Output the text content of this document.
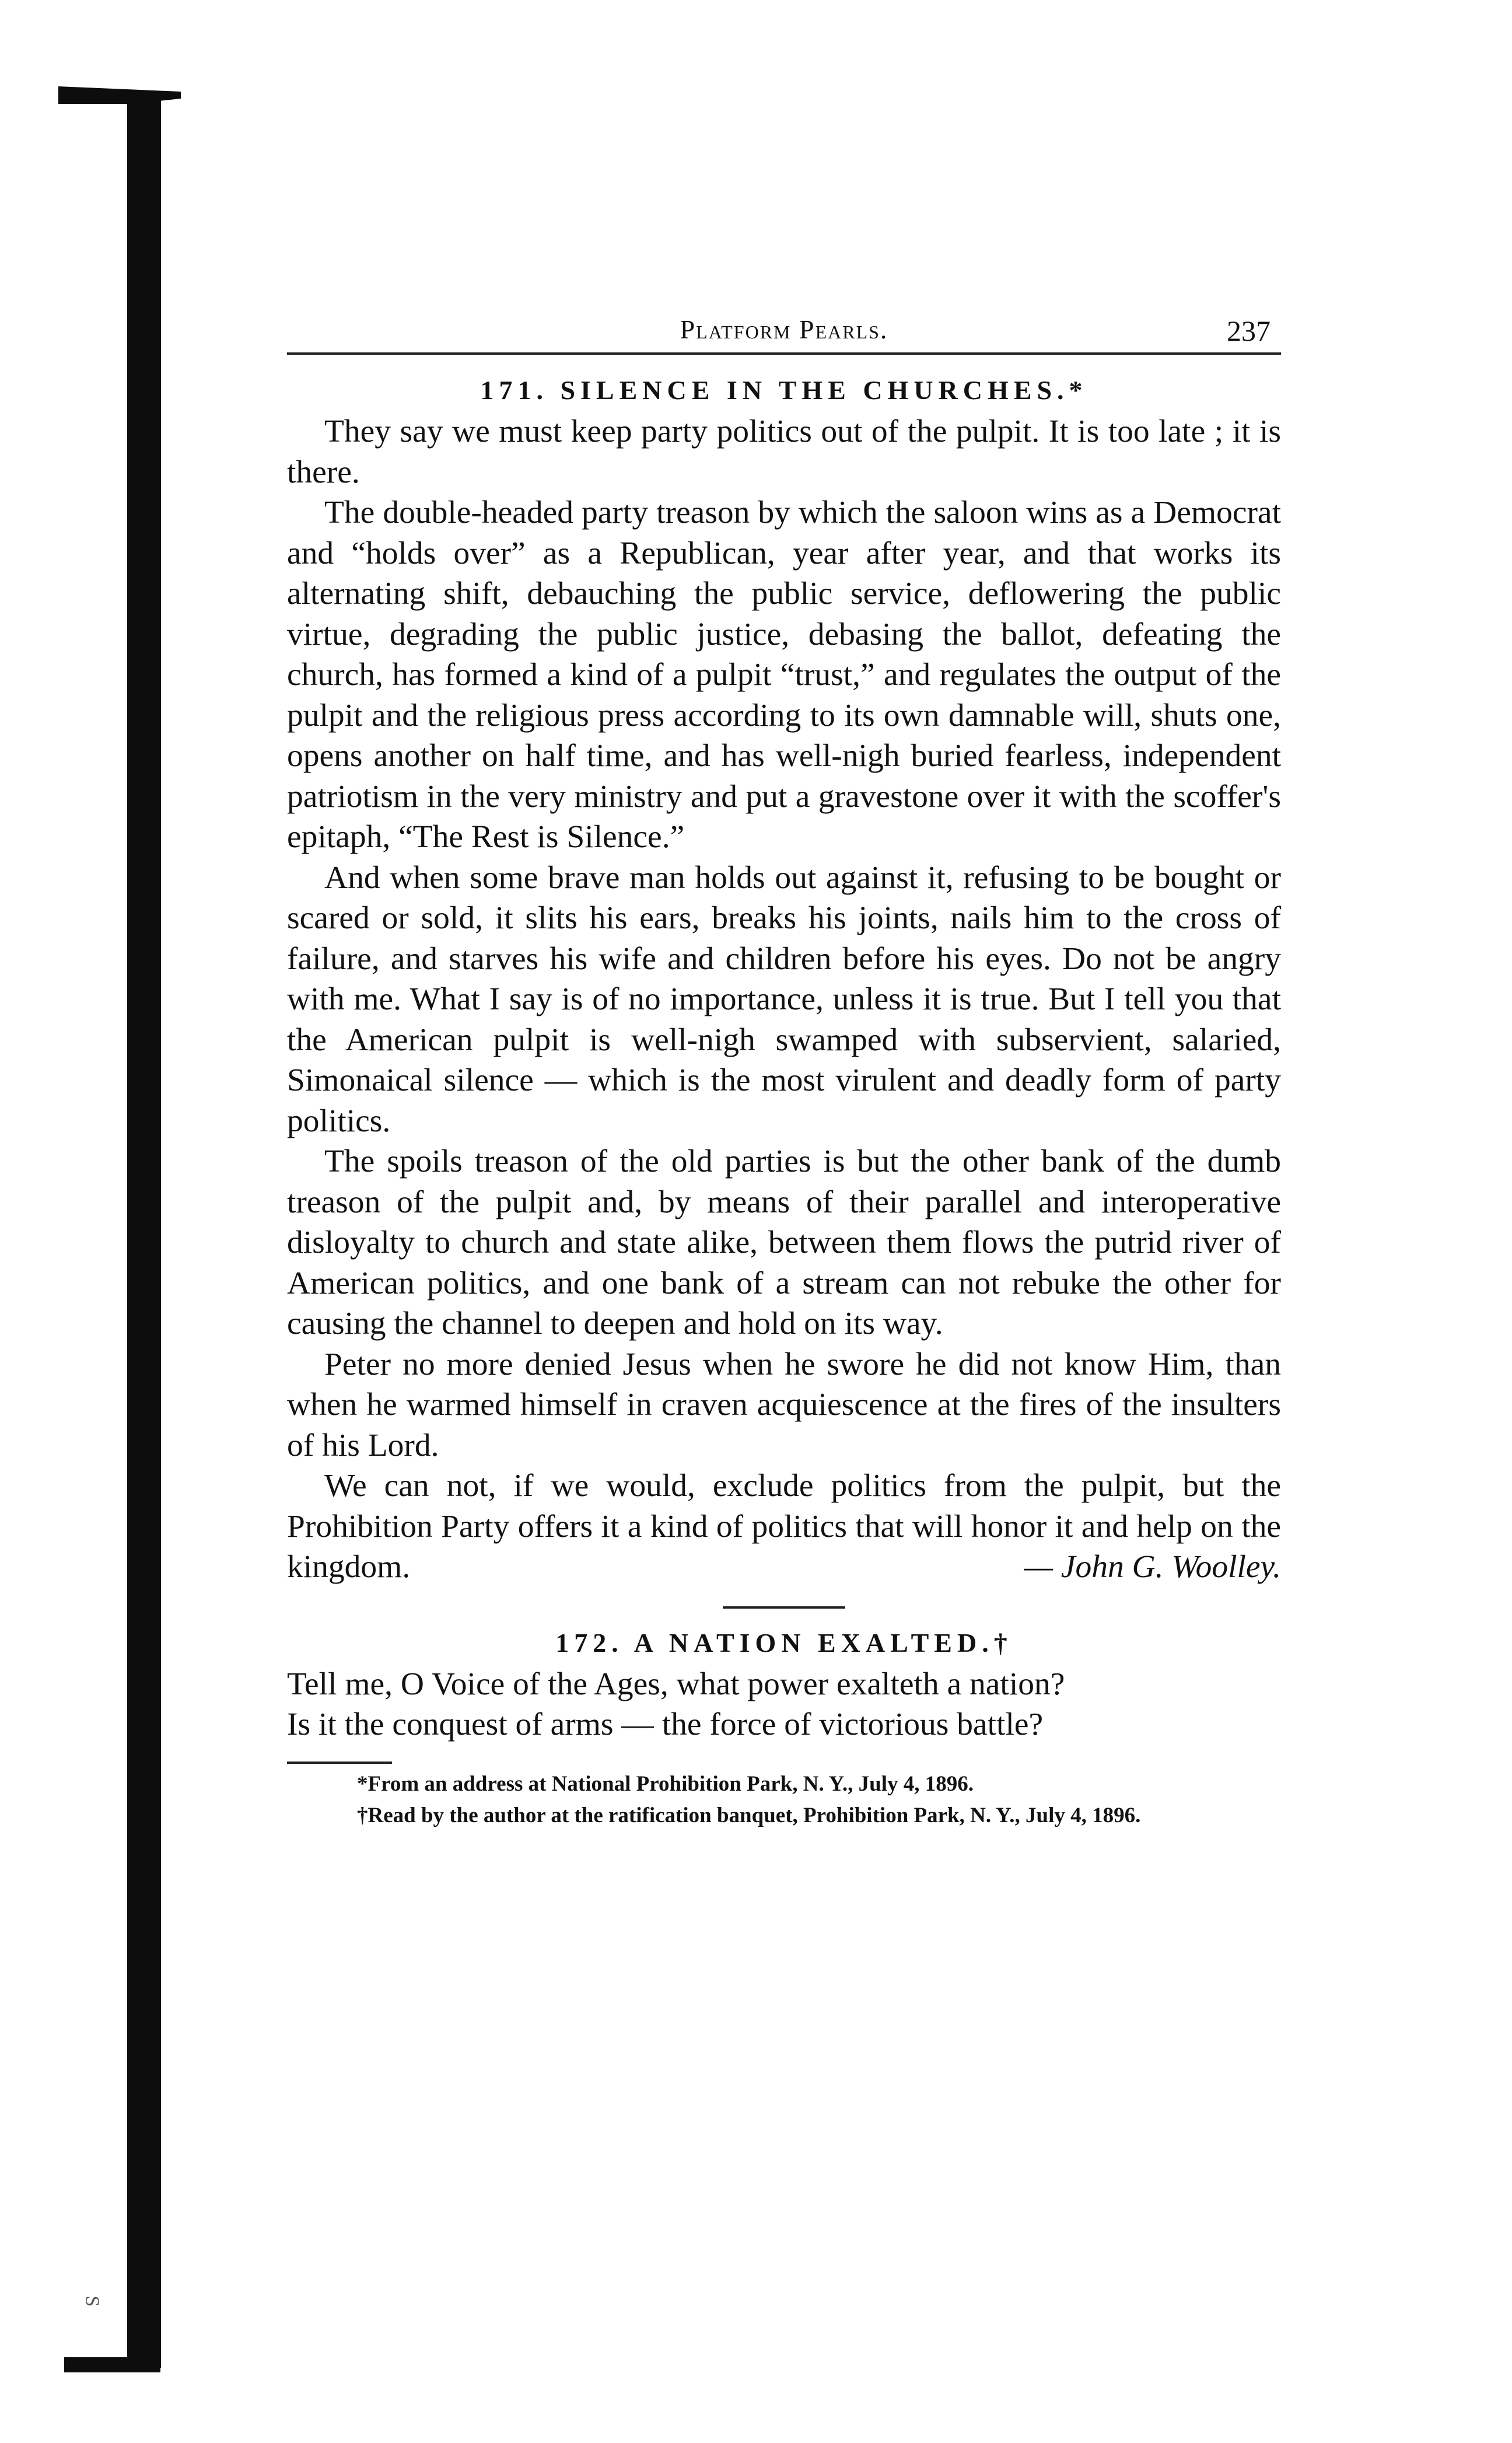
S
Platform Pearls.	237
171. SILENCE IN THE CHURCHES.*

They say we must keep party politics out of the pulpit. It is too late ; it is there.

The double-headed party treason by which the saloon wins as a Democrat and “holds over” as a Republican, year after year, and that works its alternating shift, debauching the public service, deflowering the public virtue, degrading the public justice, debasing the ballot, defeating the church, has formed a kind of a pulpit “trust,” and regulates the output of the pulpit and the religious press according to its own damnable will, shuts one, opens another on half time, and has well-nigh buried fearless, independent patriotism in the very ministry and put a gravestone over it with the scoffer's epitaph, “The Rest is Silence.”

And when some brave man holds out against it, refusing to be bought or scared or sold, it slits his ears, breaks his joints, nails him to the cross of failure, and starves his wife and children before his eyes. Do not be angry with me. What I say is of no importance, unless it is true. But I tell you that the American pulpit is well-nigh swamped with subservient, salaried, Simonaical silence — which is the most virulent and deadly form of party politics.

The spoils treason of the old parties is but the other bank of the dumb treason of the pulpit and, by means of their parallel and interoperative disloyalty to church and state alike, between them flows the putrid river of American politics, and one bank of a stream can not rebuke the other for causing the channel to deepen and hold on its way.

Peter no more denied Jesus when he swore he did not know Him, than when he warmed himself in craven acquiescence at the fires of the insulters of his Lord.

We can not, if we would, exclude politics from the pulpit, but the Prohibition Party offers it a kind of politics that will honor it and help on the kingdom.	— John G. Woolley.

172. A NATION EXALTED.†

Tell me, O Voice of the Ages, what power exalteth a nation?

Is it the conquest of arms — the force of victorious battle?

*From an address at National Prohibition Park, N. Y., July 4, 1896.

†Read by the author at the ratification banquet, Prohibition Park, N. Y., July 4, 1896.
